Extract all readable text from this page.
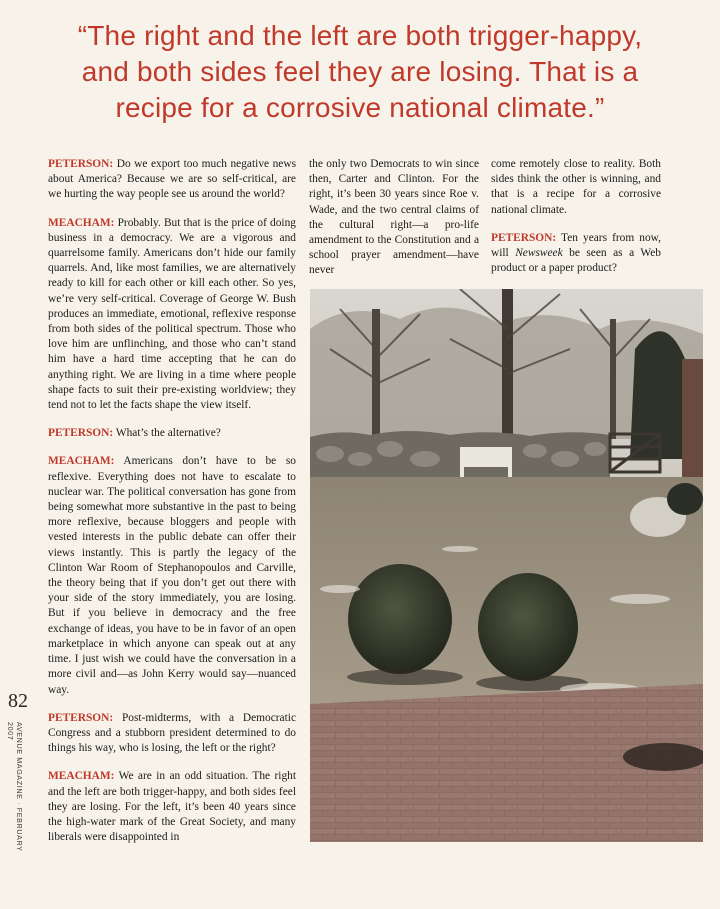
“The right and the left are both trigger-happy,
and both sides feel they are losing. That is a
recipe for a corrosive national climate.”

PETERSON: Do we export too much negative news about America? Because we are so self-critical, are we hurting the way people see us around the world?

MEACHAM: Probably. But that is the price of doing business in a democracy. We are a vigorous and quarrelsome family. Americans don’t hide our family quarrels. And, like most families, we are alternatively ready to kill for each other or kill each other. So yes, we’re very self-critical. Coverage of George W. Bush produces an immediate, emotional, reflexive response from both sides of the political spectrum. Those who love him are unflinching, and those who can’t stand him have a hard time accepting that he can do anything right. We are living in a time where people shape facts to suit their pre-existing worldview; they tend not to let the facts shape the view itself.

PETERSON: What’s the alternative?

MEACHAM: Americans don’t have to be so reflexive. Everything does not have to escalate to nuclear war. The political conversation has gone from being somewhat more substantive in the past to being more reflexive, because bloggers and people with vested interests in the public debate can offer their views instantly. This is partly the legacy of the Clinton War Room of Stephanopoulos and Carville, the theory being that if you don’t get out there with your side of the story immediately, you are losing. But if you believe in democracy and the free exchange of ideas, you have to be in favor of an open marketplace in which anyone can speak out at any time. I just wish we could have the conversation in a more civil and—as John Kerry would say—nuanced way.

PETERSON: Post-midterms, with a Democratic Congress and a stubborn president determined to do things his way, who is losing, the left or the right?

MEACHAM: We are in an odd situation. The right and the left are both trigger-happy, and both sides feel they are losing. For the left, it’s been 40 years since the high-water mark of the Great Society, and many liberals were disappointed in

the only two Democrats to win since then, Carter and Clinton. For the right, it’s been 30 years since Roe v. Wade, and the two central claims of the cultural right—a pro-life amendment to the Constitution and a school prayer amendment—have never

come remotely close to reality. Both sides think the other is winning, and that is a recipe for a corrosive national climate.

PETERSON: Ten years from now, will Newsweek be seen as a Web product or a paper product?

82
AVENUE MAGAZINE · FEBRUARY 2007
